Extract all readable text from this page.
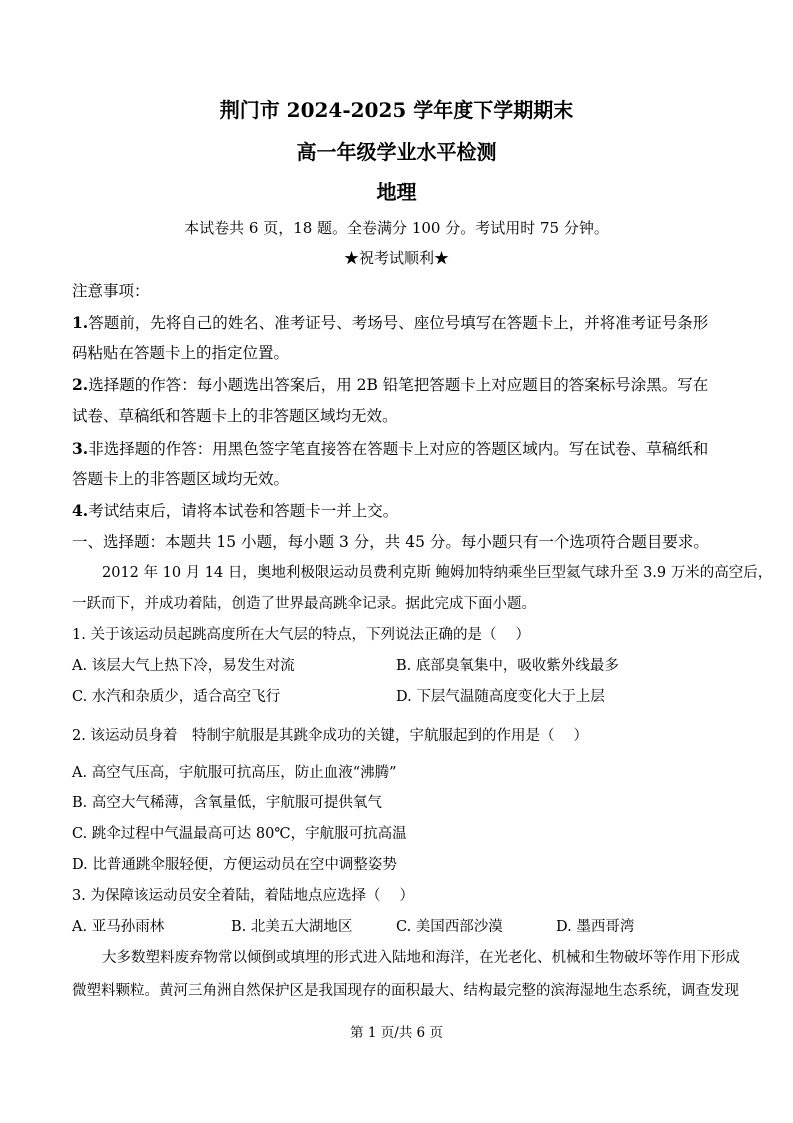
荆门市 2024-2025 学年度下学期期末
高一年级学业水平检测
地理
本试卷共 6 页，18 题。全卷满分 100 分。考试用时 75 分钟。
★祝考试顺利★
注意事项：
1.答题前，先将自己的姓名、准考证号、考场号、座位号填写在答题卡上，并将准考证号条形
码粘贴在答题卡上的指定位置。
2.选择题的作答：每小题选出答案后，用 2B 铅笔把答题卡上对应题目的答案标号涂黑。写在
试卷、草稿纸和答题卡上的非答题区域均无效。
3.非选择题的作答：用黑色签字笔直接答在答题卡上对应的答题区域内。写在试卷、草稿纸和
答题卡上的非答题区域均无效。
4.考试结束后，请将本试卷和答题卡一并上交。
一、选择题：本题共 15 小题，每小题 3 分，共 45 分。每小题只有一个选项符合题目要求。
2012 年 10 月 14 日，奥地利极限运动员费利克斯 鲍姆加特纳乘坐巨型氦气球升至 3.9 万米的高空后，
一跃而下，并成功着陆，创造了世界最高跳伞记录。据此完成下面小题。
1. 关于该运动员起跳高度所在大气层的特点，下列说法正确的是（　 ）
A. 该层大气上热下冷，易发生对流	B. 底部臭氧集中，吸收紫外线最多
C. 水汽和杂质少，适合高空飞行	D. 下层气温随高度变化大于上层
2. 该运动员身着　特制宇航服是其跳伞成功的关键，宇航服起到的作用是（　 ）
A. 高空气压高，宇航服可抗高压，防止血液“沸腾”
B. 高空大气稀薄，含氧量低，宇航服可提供氧气
C. 跳伞过程中气温最高可达 80℃，宇航服可抗高温
D. 比普通跳伞服轻便，方便运动员在空中调整姿势
3. 为保障该运动员安全着陆，着陆地点应选择（　 ）
A. 亚马孙雨林	B. 北美五大湖地区	C. 美国西部沙漠	D. 墨西哥湾
大多数塑料废弃物常以倾倒或填埋的形式进入陆地和海洋，在光老化、机械和生物破坏等作用下形成
微塑料颗粒。黄河三角洲自然保护区是我国现存的面积最大、结构最完整的滨海湿地生态系统，调查发现
第 1 页/共 6 页
